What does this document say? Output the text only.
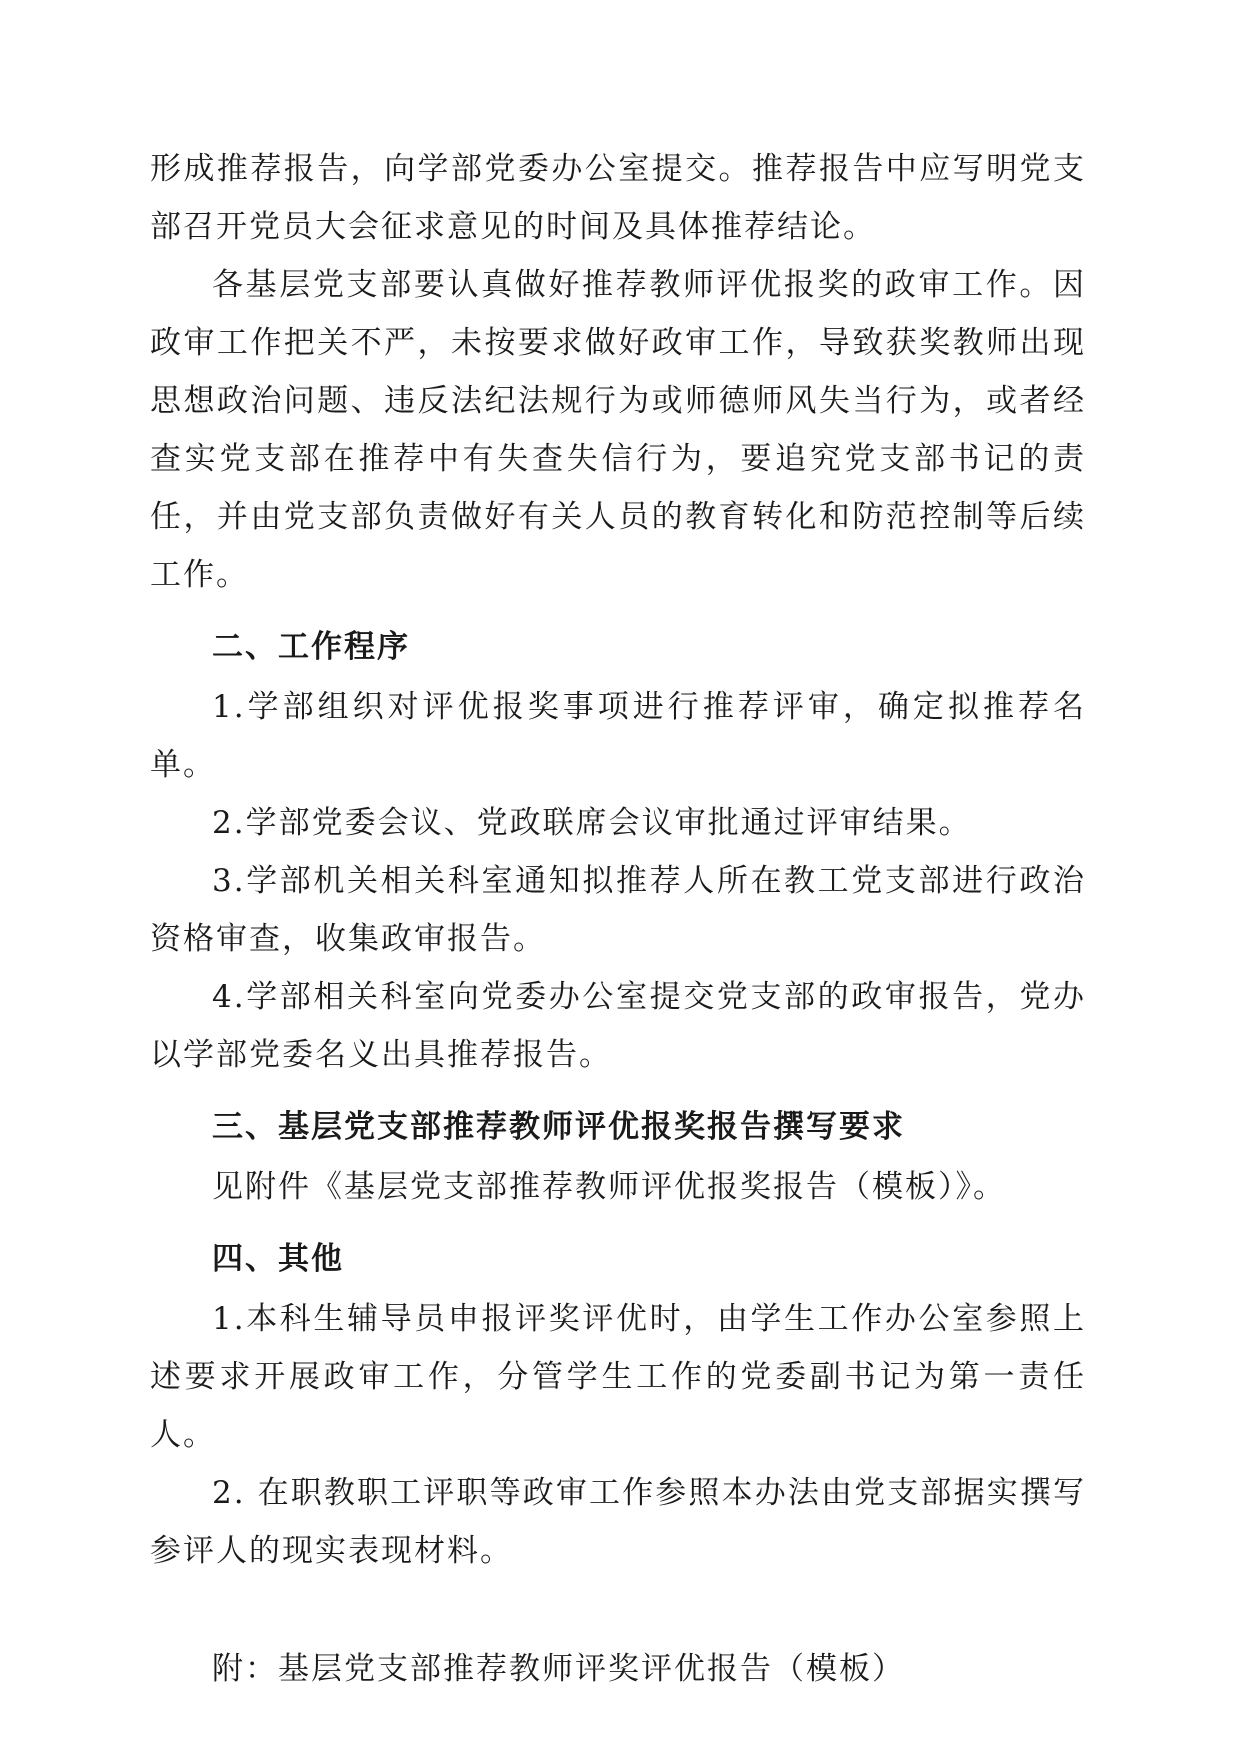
形成推荐报告，向学部党委办公室提交。推荐报告中应写明党支部召开党员大会征求意见的时间及具体推荐结论。

各基层党支部要认真做好推荐教师评优报奖的政审工作。因政审工作把关不严，未按要求做好政审工作，导致获奖教师出现思想政治问题、违反法纪法规行为或师德师风失当行为，或者经查实党支部在推荐中有失查失信行为，要追究党支部书记的责任，并由党支部负责做好有关人员的教育转化和防范控制等后续工作。

二、工作程序

1.学部组织对评优报奖事项进行推荐评审，确定拟推荐名单。

2.学部党委会议、党政联席会议审批通过评审结果。

3.学部机关相关科室通知拟推荐人所在教工党支部进行政治资格审查，收集政审报告。

4.学部相关科室向党委办公室提交党支部的政审报告，党办以学部党委名义出具推荐报告。

三、基层党支部推荐教师评优报奖报告撰写要求

见附件《基层党支部推荐教师评优报奖报告（模板）》。

四、其他

1.本科生辅导员申报评奖评优时，由学生工作办公室参照上述要求开展政审工作，分管学生工作的党委副书记为第一责任人。

2. 在职教职工评职等政审工作参照本办法由党支部据实撰写参评人的现实表现材料。

附：基层党支部推荐教师评奖评优报告（模板）
